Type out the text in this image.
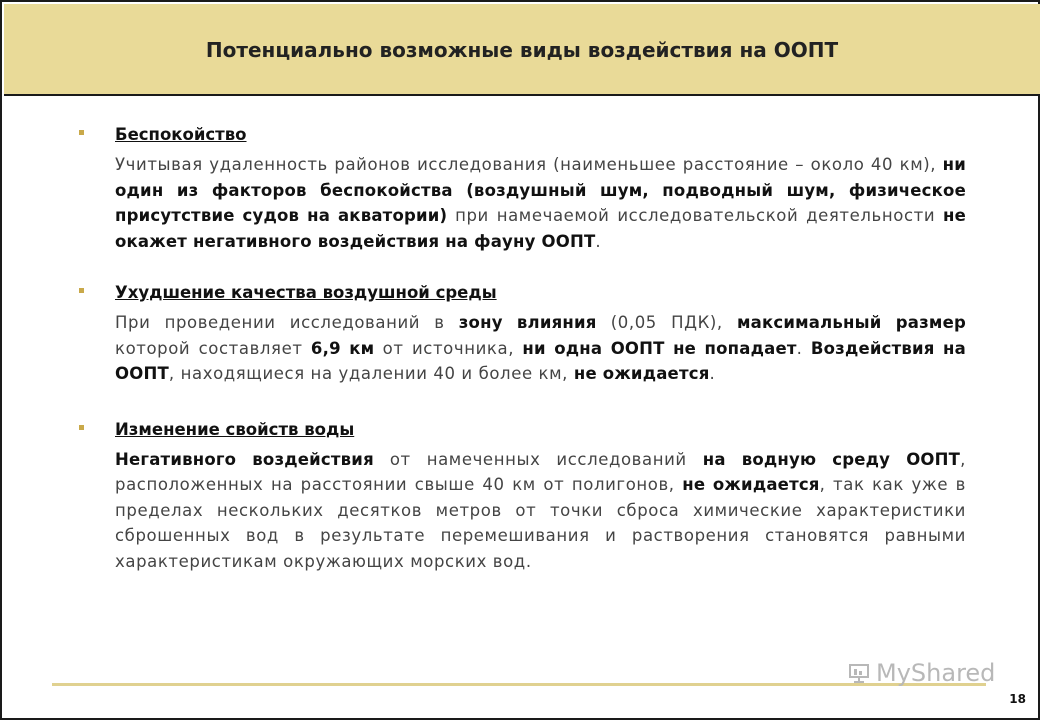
Потенциально возможные виды воздействия на ООПТ
Беспокойство
Учитывая удаленность районов исследования (наименьшее расстояние – около 40 км), ни один из факторов беспокойства (воздушный шум, подводный шум, физическое присутствие судов на акватории) при намечаемой исследовательской деятельности не окажет негативного воздействия на фауну ООПТ.
Ухудшение качества воздушной среды
При проведении исследований в зону влияния (0,05 ПДК), максимальный размер которой составляет 6,9 км от источника, ни одна ООПТ не попадает. Воздействия на ООПТ, находящиеся на удалении 40 и более км, не ожидается.
Изменение свойств воды
Негативного воздействия от намеченных исследований на водную среду ООПТ, расположенных на расстоянии свыше 40 км от полигонов, не ожидается, так как уже в пределах нескольких десятков метров от точки сброса химические характеристики сброшенных вод в результате перемешивания и растворения становятся равными характеристикам окружающих морских вод.
MyShared
18
